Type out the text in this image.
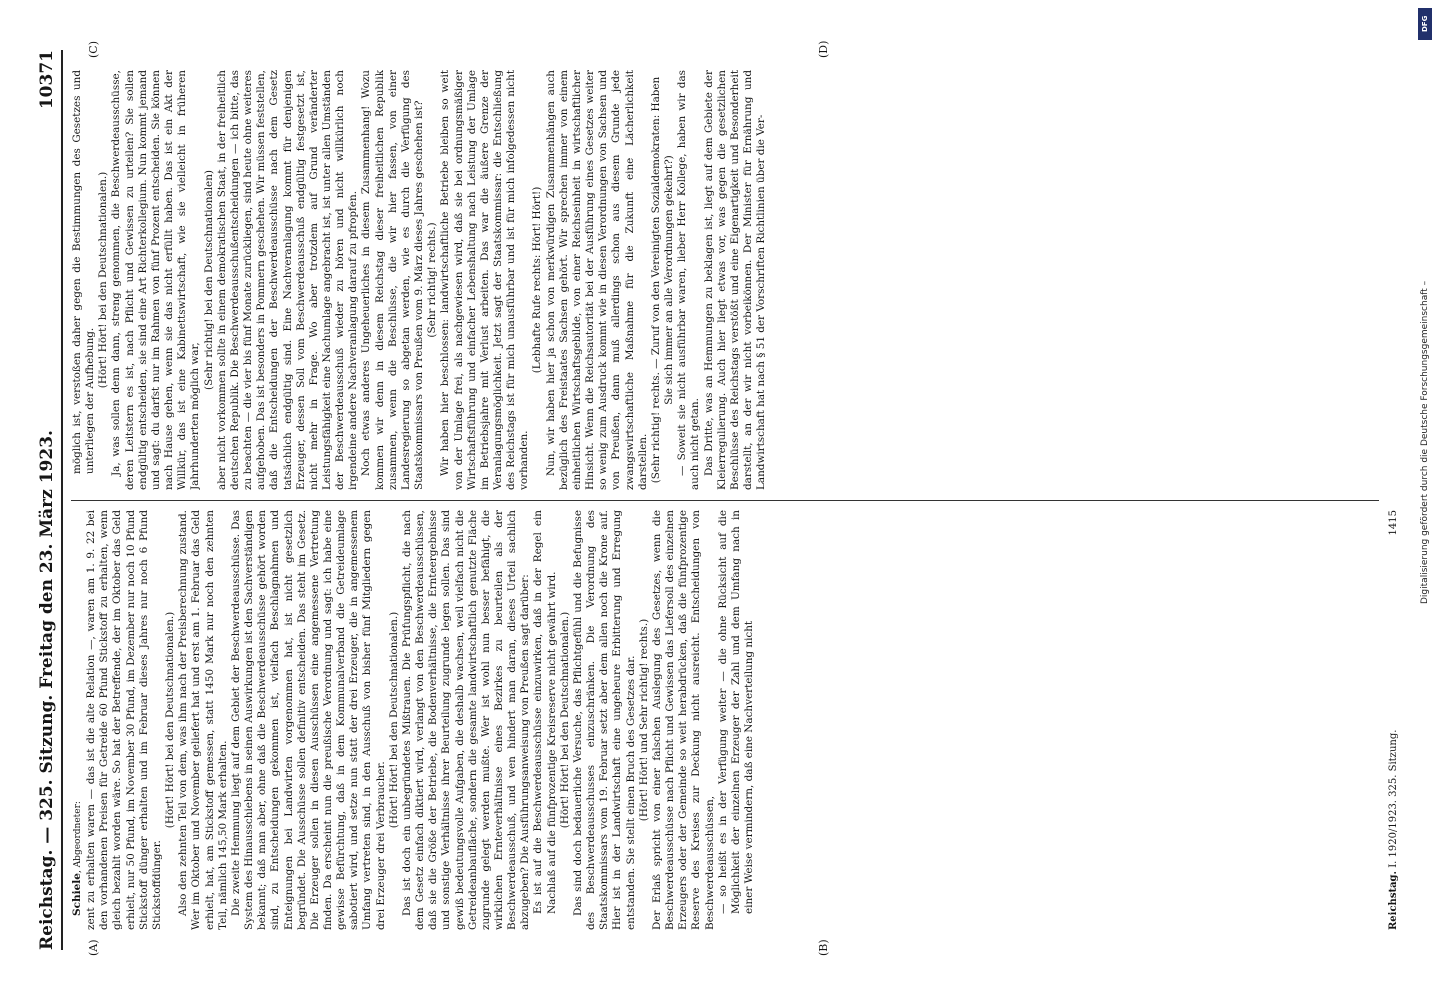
Reichstag. — 325. Sitzung. Freitag den 23. März 1923.
10371
(A)	(B)
(C)	(D)

Schiele, Abgeordneter: zent zu erhalten waren — das ist die alte Relation —, waren am 1. 9. 22 bei den vorhandenen Preisen für Getreide 60 Pfund Stickstoff zu erhalten, wenn gleich bezahlt worden wäre. So hat der Betreffende, der im Oktober das Geld erhielt, nur 50 Pfund, im November 30 Pfund, im Dezember nur noch 10 Pfund Stickstoff dünger erhalten und im Februar dieses Jahres nur noch 6 Pfund Stickstoffdünger.

(Hört! Hört! bei den Deutschnationalen.) Also den zehnten Teil von dem, was ihm nach der Preisberechnung zustand. Wer im Oktober und November geliefert hat und erst am 1. Februar das Geld erhielt, hat, am Stickstoff gemessen, statt 1450 Mark nur noch den zehnten Teil, nämlich 145,50 Mark erhalten. Die zweite Hemmung liegt auf dem Gebiet der Beschwerdeausschüsse. Das System des Hinausschiebens in seinen Auswirkungen ist den Sachverständigen bekannt; daß man aber, ohne daß die Beschwerdeausschüsse gehört worden sind, zu Entscheidungen gekommen ist, vielfach Beschlagnahmen und Enteignungen bei Landwirten vorgenommen hat, ist nicht gesetzlich begründet. Die Ausschüsse sollen definitiv entscheiden. Das steht im Gesetz. Die Erzeuger sollen in diesen Ausschüssen eine angemessene Vertretung finden. Da erscheint nun die preußische Verordnung und sagt: ich habe eine gewisse Befürchtung, daß in dem Kommunalverband die Getreideumlage sabotiert wird, und setze nun statt der drei Erzeuger, die in angemessenem Umfang vertreten sind, in den Ausschuß von bisher fünf Mitgliedern gegen drei Erzeuger drei Verbraucher.

(Hört! Hört! bei den Deutschnationalen.) Das ist doch ein unbegründetes Mißtrauen. Die Prüfungspflicht, die nach dem Gesetz einfach diktiert wird, verlangt von den Beschwerdeausschüssen, daß sie die Größe der Betriebe, die Bodenverhältnisse, die Ernteergebnisse und sonstige Verhältnisse ihrer Beurteilung zugrunde legen sollen. Das sind gewiß bedeutungsvolle Aufgaben, die deshalb wachsen, weil vielfach nicht die Getreideanbaufläche, sondern die gesamte landwirtschaftlich genutzte Fläche zugrunde gelegt werden mußte. Wer ist wohl nun besser befähigt, die wirklichen Ernteverhältnisse eines Bezirkes zu beurteilen als der Beschwerdeausschuß, und wen hindert man daran, dieses Urteil sachlich abzugeben? Die Ausführungsanweisung von Preußen sagt darüber: Es ist auf die Beschwerdeausschüsse einzuwirken, daß in der Regel ein Nachlaß auf die fünfprozentige Kreisreserve nicht gewährt wird. (Hört! Hört! bei den Deutschnationalen.) Das sind doch bedauerliche Versuche, das Pflichtgefühl und die Befugnisse des Beschwerdeausschusses einzuschränken. Die Verordnung des Staatskommissars vom 19. Februar setzt aber dem allen noch die Krone auf. Hier ist in der Landwirtschaft eine ungeheure Erbitterung und Erregung entstanden. Sie stellt einen Bruch des Gesetzes dar. (Hört! Hört! und Sehr richtig! rechts.) Der Erlaß spricht von einer falschen Auslegung des Gesetzes, wenn die Beschwerdeausschüsse nach Pflicht und Gewissen das Liefersoll des einzelnen Erzeugers oder der Gemeinde so weit herabdrücken, daß die fünfprozentige Reserve des Kreises zur Deckung nicht ausreicht. Entscheidungen von Beschwerdeausschüssen, — so heißt es in der Verfügung weiter — die ohne Rücksicht auf die Möglichkeit der einzelnen Erzeuger der Zahl und dem Umfang nach in einer Weise vermindern, daß eine Nachverteilung nicht

möglich ist, verstoßen daher gegen die Bestimmungen des Gesetzes und unterliegen der Aufhebung.

(Hört! Hört! bei den Deutschnationalen.) Ja, was sollen denn dann, streng genommen, die Beschwerdeausschüsse, deren Leitstern es ist, nach Pflicht und Gewissen zu urteilen? Sie sollen endgültig entscheiden, sie sind eine Art Richterkollegium. Nun kommt jemand und sagt: du darfst nur im Rahmen von fünf Prozent entscheiden. Sie können nach Hause gehen, wenn sie das nicht erfüllt haben. Das ist ein Akt der Willkür, das ist eine Kabinettswirtschaft, wie sie vielleicht in früheren Jahrhunderten möglich war,

(Sehr richtig! bei den Deutschnationalen) aber nicht vorkommen sollte in einem demokratischen Staat, in der freiheitlich deutschen Republik. Die Beschwerdeausschußentscheidungen — ich bitte, das zu beachten — die vier bis fünf Monate zurückliegen, sind heute ohne weiteres aufgehoben. Das ist besonders in Pommern geschehen. Wir müssen feststellen, daß die Entscheidungen der Beschwerdeausschüsse nach dem Gesetz tatsächlich endgültig sind. Eine Nachveranlagung kommt für denjenigen Erzeuger, dessen Soll vom Beschwerdeausschuß endgültig festgesetzt ist, nicht mehr in Frage. Wo aber trotzdem auf Grund veränderter Leistungsfähigkeit eine Nachumlage angebracht ist, ist unter allen Umständen der Beschwerdeausschuß wieder zu hören und nicht willkürlich noch irgendeine andere Nachveranlagung darauf zu pfropfen. Noch etwas anderes Ungeheuerliches in diesem Zusammenhang! Wozu kommen wir denn in diesem Reichstag dieser freiheitlichen Republik zusammen, wenn die Beschlüsse, die wir hier fassen, von einer Landesregierung so abgetan werden, wie es durch die Verfügung des Staatskommissars von Preußen vom 9. März dieses Jahres geschehen ist? (Sehr richtig! rechts.) Wir haben hier beschlossen: landwirtschaftliche Betriebe bleiben so weit von der Umlage frei, als nachgewiesen wird, daß sie bei ordnungsmäßiger Wirtschaftsführung und einfacher Lebenshaltung nach Leistung der Umlage im Betriebsjahre mit Verlust arbeiten. Das war die äußere Grenze der Veranlagungsmöglichkeit. Jetzt sagt der Staatskommissar: die Entschließung des Reichstags ist für mich unausführbar und ist für mich infolgedessen nicht vorhanden.

(Lebhafte Rufe rechts: Hört! Hört!) Nun, wir haben hier ja schon von merkwürdigen Zusammenhängen auch bezüglich des Freistaates Sachsen gehört. Wir sprechen immer von einem einheitlichen Wirtschaftsgebilde, von einer Reichseinheit in wirtschaftlicher Hinsicht. Wenn die Reichsautorität bei der Ausführung eines Gesetzes weiter so wenig zum Ausdruck kommt wie in diesen Verordnungen von Sachsen und von Preußen, dann muß allerdings schon aus diesem Grunde jede zwangswirtschaftliche Maßnahme für die Zukunft eine Lächerlichkeit darstellen. (Sehr richtig! rechts. — Zuruf von den Vereinigten Sozialdemokraten: Haben Sie sich immer an alle Verordnungen gekehrt?) — Soweit sie nicht ausführbar waren, lieber Herr Kollege, haben wir das auch nicht getan. Das Dritte, was an Hemmungen zu beklagen ist, liegt auf dem Gebiete der Kleierregulierung. Auch hier liegt etwas vor, was gegen die gesetzlichen Beschlüsse des Reichstags verstößt und eine Eigenartigkeit und Besonderheit darstellt, an der wir nicht vorbeikönnen. Der Minister für Ernährung und Landwirtschaft hat nach § 51 der Vorschriften Richtlinien über die Ver-

Reichstag. I. 1920/1923. 325. Sitzung.
1415
DFG
Digitalisierung gefördert durch die Deutsche Forschungsgemeinschaft –
